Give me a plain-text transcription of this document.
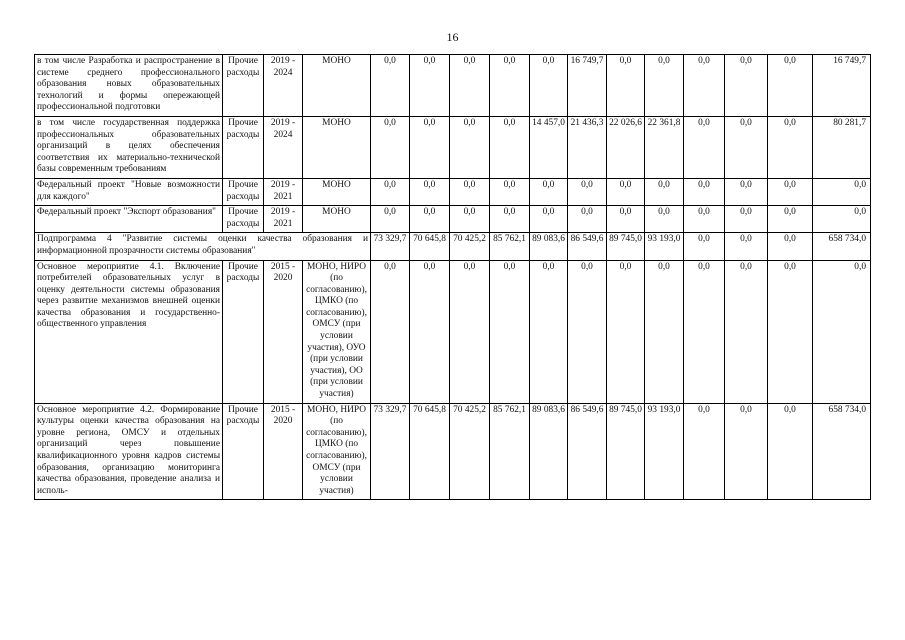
16
в том числе Разработка и распространение в системе среднего профессионального образования новых образовательных технологий и формы опережающей профессиональной подготовки	Прочие расходы	2019 - 2024	МОНО	0,0	0,0	0,0	0,0	0,0	16 749,7	0,0	0,0	0,0	0,0	0,0	16 749,7
в том числе государственная поддержка профессиональных образовательных организаций в целях обеспечения соответствия их материально-технической базы современным требованиям	Прочие расходы	2019 - 2024	МОНО	0,0	0,0	0,0	0,0	14 457,0	21 436,3	22 026,6	22 361,8	0,0	0,0	0,0	80 281,7
Федеральный проект "Новые возможности для каждого"	Прочие расходы	2019 - 2021	МОНО	0,0	0,0	0,0	0,0	0,0	0,0	0,0	0,0	0,0	0,0	0,0	0,0
Федеральный проект "Экспорт образования"	Прочие расходы	2019 - 2021	МОНО	0,0	0,0	0,0	0,0	0,0	0,0	0,0	0,0	0,0	0,0	0,0	0,0
Подпрограмма 4 "Развитие системы оценки качества образования и информационной прозрачности системы образования"				73 329,7	70 645,8	70 425,2	85 762,1	89 083,6	86 549,6	89 745,0	93 193,0	0,0	0,0	0,0	658 734,0
Основное мероприятие 4.1. Включение потребителей образовательных услуг в оценку деятельности системы образования через развитие механизмов внешней оценки качества образования и государственно-общественного управления	Прочие расходы	2015 - 2020	МОНО, НИРО (по согласованию), ЦМКО (по согласованию), ОМСУ (при условии участия), ОУО (при условии участия), ОО (при условии участия)	0,0	0,0	0,0	0,0	0,0	0,0	0,0	0,0	0,0	0,0	0,0	0,0
Основное мероприятие 4.2. Формирование культуры оценки качества образования на уровне региона, ОМСУ и отдельных организаций через повышение квалификационного уровня кадров системы образования, организацию мониторинга качества образования, проведение анализа и исполь-	Прочие расходы	2015 - 2020	МОНО, НИРО (по согласованию), ЦМКО (по согласованию), ОМСУ (при условии участия)	73 329,7	70 645,8	70 425,2	85 762,1	89 083,6	86 549,6	89 745,0	93 193,0	0,0	0,0	0,0	658 734,0
